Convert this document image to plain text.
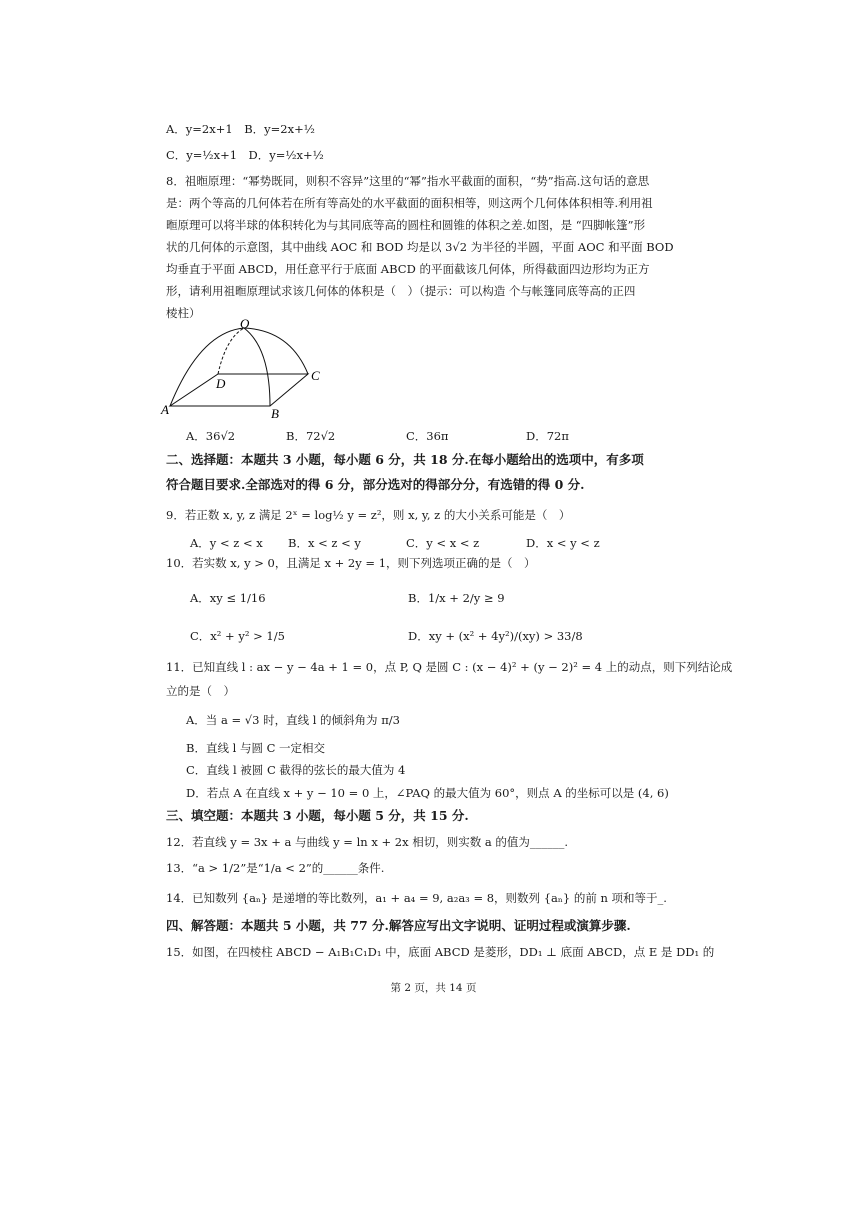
A．y=2x+1　B．y=2x+½
C．y=½x+1　D．y=½x+½
8．祖暅原理：“幂势既同，则积不容异”这里的“幂”指水平截面的面积，“势”指高.这句话的意思
是：两个等高的几何体若在所有等高处的水平截面的面积相等，则这两个几何体体积相等.利用祖
暅原理可以将半球的体积转化为与其同底等高的圆柱和圆锥的体积之差.如图，是 “四脚帐篷”形
状的几何体的示意图，其中曲线 AOC 和 BOD 均是以 3√2 为半径的半圆，平面 AOC 和平面 BOD
均垂直于平面 ABCD，用任意平行于底面 ABCD 的平面截该几何体，所得截面四边形均为正方
形，请利用祖暅原理试求该几何体的体积是（　）（提示：可以构造 个与帐篷同底等高的正四
棱柱）
O
D
C
A	B
A．36√2	B．72√2	C．36π	D．72π
二、选择题：本题共 3 小题，每小题 6 分，共 18 分.在每小题给出的选项中，有多项
符合题目要求.全部选对的得 6 分，部分选对的得部分分，有选错的得 0 分.
9．若正数 x, y, z 满足 2ˣ = log½ y = z²，则 x, y, z 的大小关系可能是（　）
A．y < z < x B．x < z < y	C．y < x < z	D．x < y < z
10．若实数 x, y > 0，且满足 x + 2y = 1，则下列选项正确的是（　）
A．xy ≤ 1/16	B．1/x + 2/y ≥ 9
C．x² + y² > 1/5	D．xy + (x² + 4y²)/(xy) > 33/8
11．已知直线 l : ax − y − 4a + 1 = 0，点 P, Q 是圆 C : (x − 4)² + (y − 2)² = 4 上的动点，则下列结论成
立的是（　）
A．当 a = √3 时，直线 l 的倾斜角为 π/3
B．直线 l 与圆 C 一定相交
C．直线 l 被圆 C 截得的弦长的最大值为 4
D．若点 A 在直线 x + y − 10 = 0 上，∠PAQ 的最大值为 60°，则点 A 的坐标可以是 (4, 6)
三、填空题：本题共 3 小题，每小题 5 分，共 15 分.
12．若直线 y = 3x + a 与曲线 y = ln x + 2x 相切，则实数 a 的值为______.
13．“a > 1/2”是“1/a < 2”的______条件.
14．已知数列 {aₙ} 是递增的等比数列，a₁ + a₄ = 9, a₂a₃ = 8，则数列 {aₙ} 的前 n 项和等于_.
四、解答题：本题共 5 小题，共 77 分.解答应写出文字说明、证明过程或演算步骤.
15．如图，在四棱柱 ABCD − A₁B₁C₁D₁ 中，底面 ABCD 是菱形，DD₁ ⊥ 底面 ABCD，点 E 是 DD₁ 的
第 2 页，共 14 页
